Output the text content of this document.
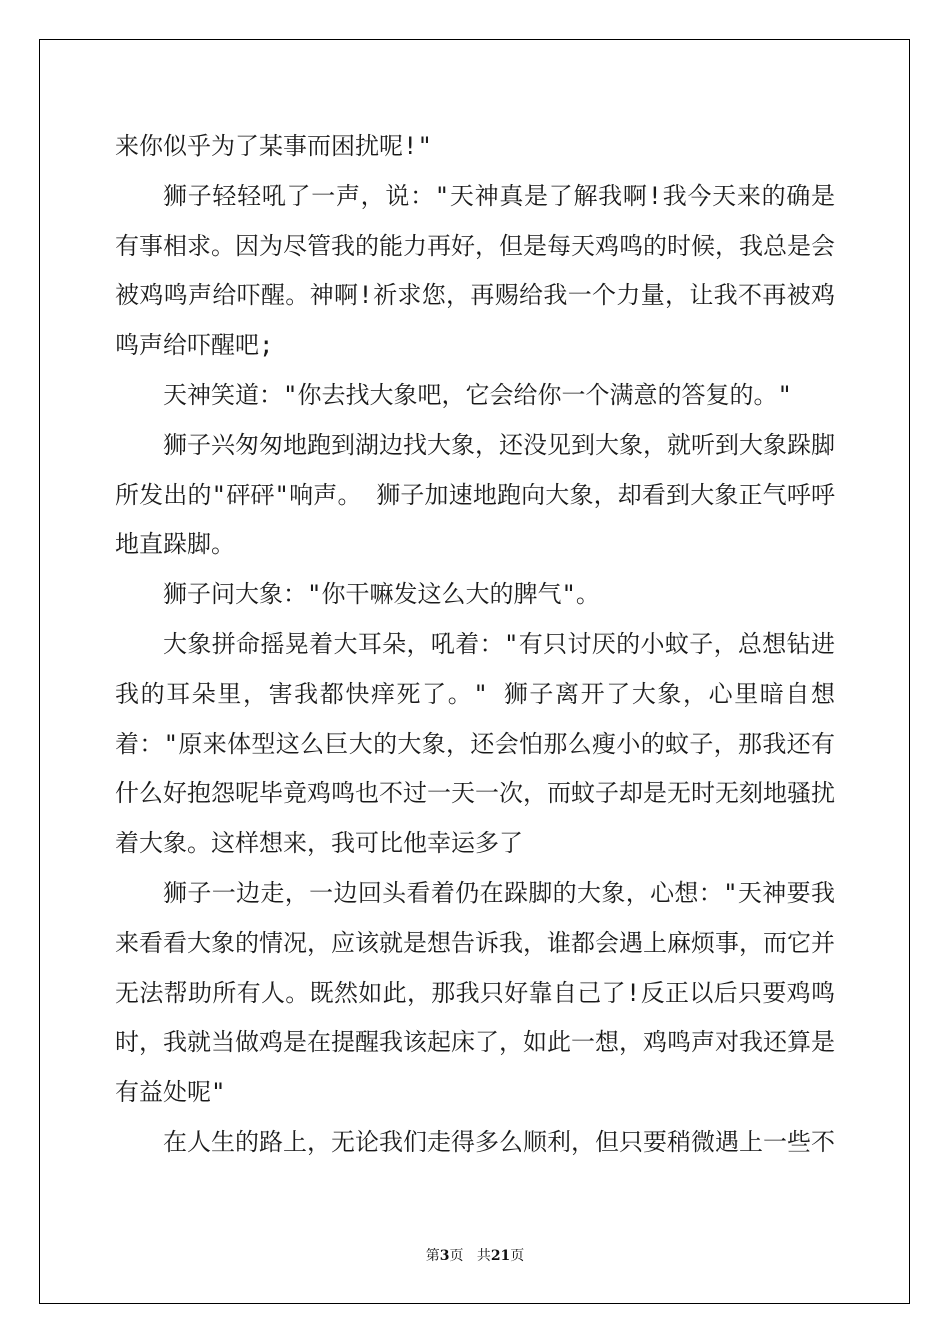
来你似乎为了某事而困扰呢!"

狮子轻轻吼了一声，说："天神真是了解我啊!我今天来的确是有事相求。因为尽管我的能力再好，但是每天鸡鸣的时候，我总是会被鸡鸣声给吓醒。神啊!祈求您，再赐给我一个力量，让我不再被鸡鸣声给吓醒吧;

天神笑道："你去找大象吧，它会给你一个满意的答复的。"

狮子兴匆匆地跑到湖边找大象，还没见到大象，就听到大象跺脚所发出的"砰砰"响声。 狮子加速地跑向大象，却看到大象正气呼呼地直跺脚。

狮子问大象："你干嘛发这么大的脾气"。

大象拼命摇晃着大耳朵，吼着："有只讨厌的小蚊子，总想钻进我的耳朵里，害我都快痒死了。" 狮子离开了大象，心里暗自想着："原来体型这么巨大的大象，还会怕那么瘦小的蚊子，那我还有什么好抱怨呢毕竟鸡鸣也不过一天一次，而蚊子却是无时无刻地骚扰着大象。这样想来，我可比他幸运多了

狮子一边走，一边回头看着仍在跺脚的大象，心想："天神要我来看看大象的情况，应该就是想告诉我，谁都会遇上麻烦事，而它并无法帮助所有人。既然如此，那我只好靠自己了!反正以后只要鸡鸣时，我就当做鸡是在提醒我该起床了，如此一想，鸡鸣声对我还算是有益处呢"

在人生的路上，无论我们走得多么顺利，但只要稍微遇上一些不

第3页 共21页
